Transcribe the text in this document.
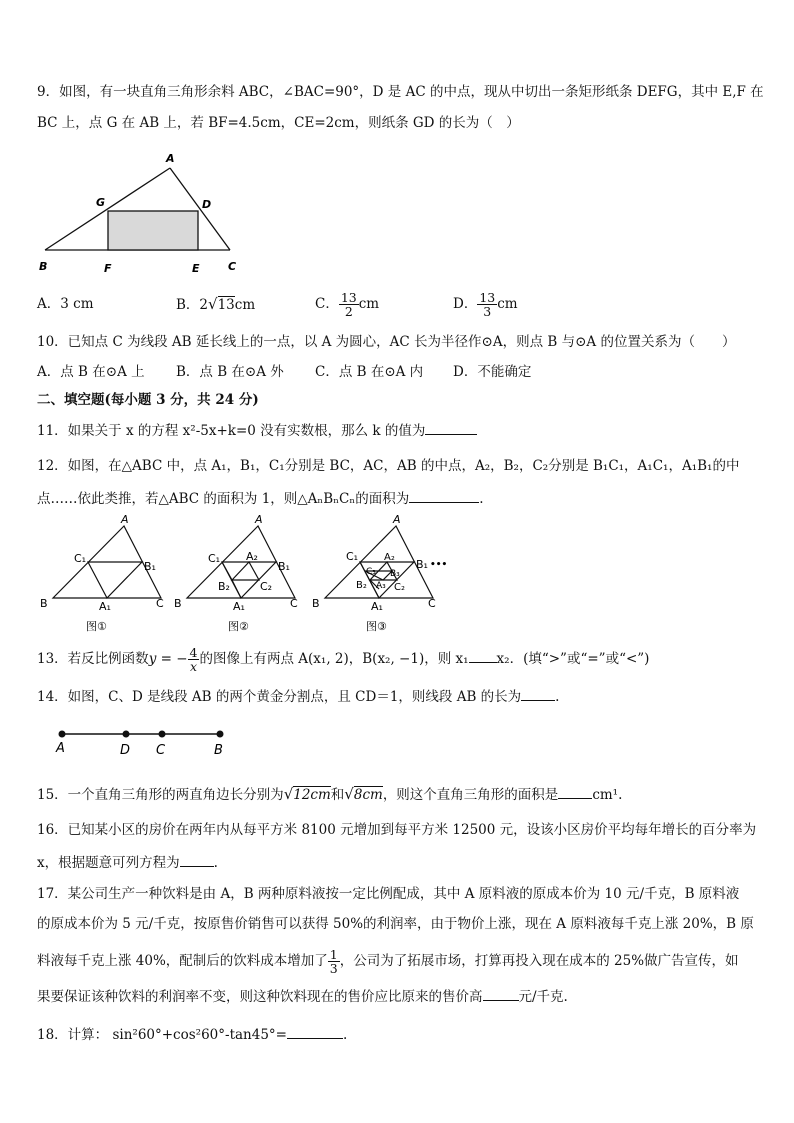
9．如图，有一块直角三角形余料 ABC，∠BAC=90°，D 是 AC 的中点，现从中切出一条矩形纸条 DEFG，其中 E,F 在
BC 上，点 G 在 AB 上，若 BF=4.5cm，CE=2cm，则纸条 GD 的长为（　）
A
G	D
B	F	E	C
A．3 cm	B．2√13cm	C． $\frac{13}{2}$ cm	D． $\frac{13}{3}$ cm
10．已知点 C 为线段 AB 延长线上的一点，以 A 为圆心，AC 长为半径作⊙A，则点 B 与⊙A 的位置关系为（　　）
A．点 B 在⊙A 上 B．点 B 在⊙A 外 C．点 B 在⊙A 内 D．不能确定
二、填空题(每小题 3 分，共 24 分)
11．如果关于 x 的方程 x²-5x+k=0 没有实数根，那么 k 的值为
12．如图，在△ABC 中，点 A₁，B₁，C₁分别是 BC，AC，AB 的中点，A₂，B₂，C₂分别是 B₁C₁，A₁C₁，A₁B₁的中
点……依此类推，若△ABC 的面积为 1，则△AₙBₙCₙ的面积为	.
A
B	C
C₁
B₁
A₁
图①
A
B	C
C₁
B₁
A₁
A₂
B₂	C₂
图②
A
B	C
C₁
B₁
A₁
A₂
B₂	C₂
C₃ B₃
A₃
•••
图③
13．若反比例函数y = − $\frac{4}{x}$ 的图像上有两点 A(x₁, 2)，B(x₂, −1)，则 x₁ x₂．(填“>”或“=”或“<”)
14．如图，C、D 是线段 AB 的两个黄金分割点，且 CD＝1，则线段 AB 的长为	.
A	D C	B
15．一个直角三角形的两直角边长分别为√12cm和√8cm，则这个直角三角形的面积是	cm¹.
16．已知某小区的房价在两年内从每平方米 8100 元增加到每平方米 12500 元，设该小区房价平均每年增长的百分率为
x，根据题意可列方程为	.
17．某公司生产一种饮料是由 A，B 两种原料液按一定比例配成，其中 A 原料液的原成本价为 10 元/千克，B 原料液
的原成本价为 5 元/千克，按原售价销售可以获得 50%的利润率，由于物价上涨，现在 A 原料液每千克上涨 20%，B 原
料液每千克上涨 40%，配制后的饮料成本增加了 $\frac{1}{3}$ ，公司为了拓展市场，打算再投入现在成本的 25%做广告宣传，如
果要保证该种饮料的利润率不变，则这种饮料现在的售价应比原来的售价高	元/千克.
18．计算： sin²60°+cos²60°-tan45°=	.
